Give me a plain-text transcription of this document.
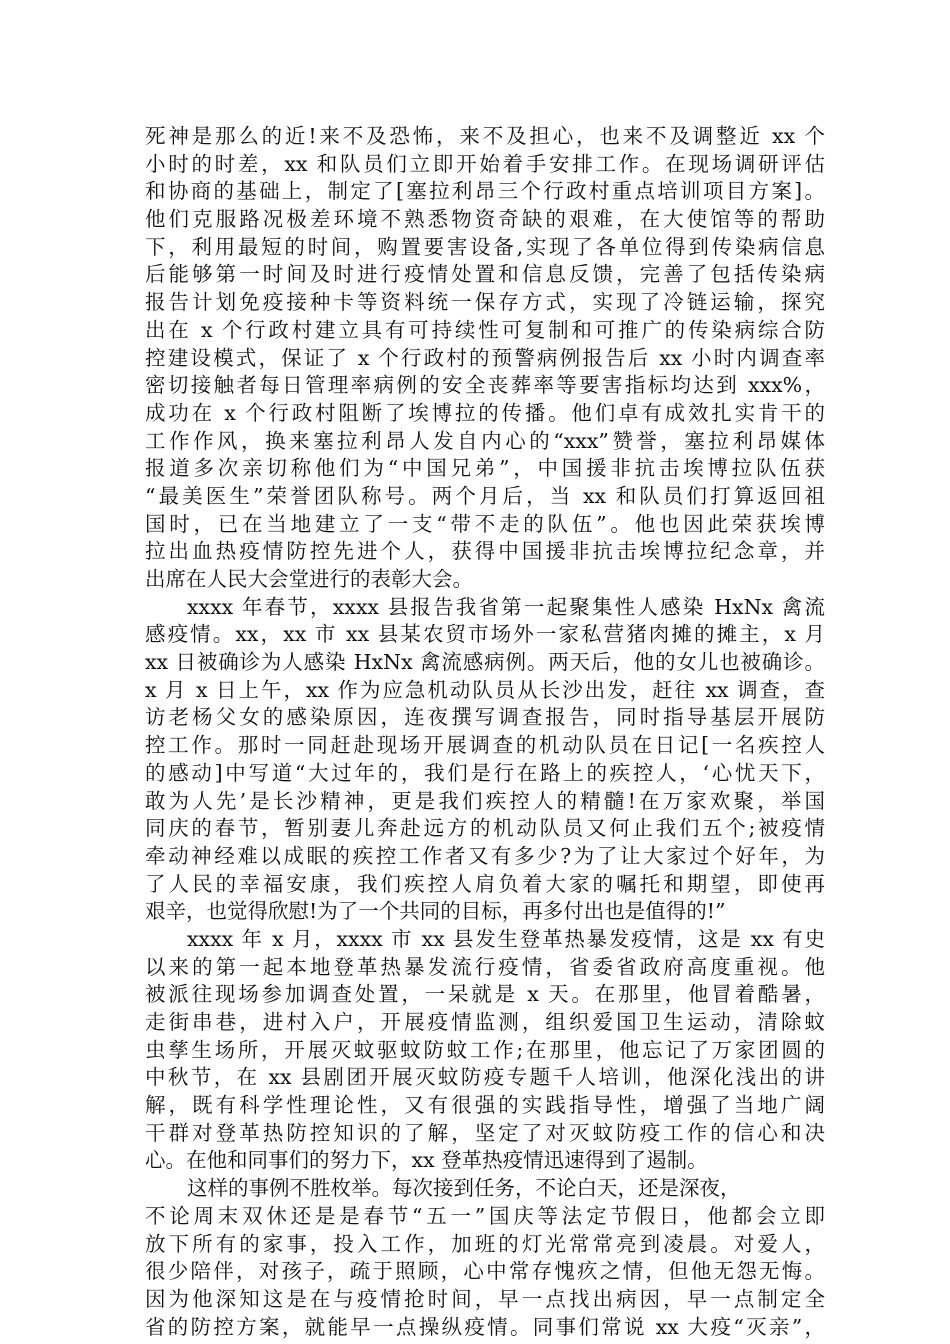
死神是那么的近!来不及恐怖，来不及担心，也来不及调整近 xx 个
小时的时差，xx 和队员们立即开始着手安排工作。在现场调研评估
和协商的基础上，制定了[塞拉利昂三个行政村重点培训项目方案]。
他们克服路况极差环境不熟悉物资奇缺的艰难，在大使馆等的帮助
下，利用最短的时间，购置要害设备,实现了各单位得到传染病信息
后能够第一时间及时进行疫情处置和信息反馈，完善了包括传染病
报告计划免疫接种卡等资料统一保存方式，实现了冷链运输，探究
出在 x 个行政村建立具有可持续性可复制和可推广的传染病综合防
控建设模式，保证了 x 个行政村的预警病例报告后 xx 小时内调查率
密切接触者每日管理率病例的安全丧葬率等要害指标均达到 xxx%，
成功在 x 个行政村阻断了埃博拉的传播。他们卓有成效扎实肯干的
工作作风，换来塞拉利昂人发自内心的“xxx”赞誉，塞拉利昂媒体
报道多次亲切称他们为“中国兄弟”，中国援非抗击埃博拉队伍获
“最美医生”荣誉团队称号。两个月后，当 xx 和队员们打算返回祖
国时，已在当地建立了一支“带不走的队伍”。他也因此荣获埃博
拉出血热疫情防控先进个人，获得中国援非抗击埃博拉纪念章，并
出席在人民大会堂进行的表彰大会。
xxxx 年春节，xxxx 县报告我省第一起聚集性人感染 HxNx 禽流
感疫情。xx，xx 市 xx 县某农贸市场外一家私营猪肉摊的摊主，x 月
xx 日被确诊为人感染 HxNx 禽流感病例。两天后，他的女儿也被确诊。
x 月 x 日上午，xx 作为应急机动队员从长沙出发，赶往 xx 调查，查
访老杨父女的感染原因，连夜撰写调查报告，同时指导基层开展防
控工作。那时一同赶赴现场开展调查的机动队员在日记[一名疾控人
的感动]中写道“大过年的，我们是行在路上的疾控人，‘心忧天下，
敢为人先’是长沙精神，更是我们疾控人的精髓!在万家欢聚，举国
同庆的春节，暂别妻儿奔赴远方的机动队员又何止我们五个;被疫情
牵动神经难以成眠的疾控工作者又有多少?为了让大家过个好年，为
了人民的幸福安康，我们疾控人肩负着大家的嘱托和期望，即使再
艰辛，也觉得欣慰!为了一个共同的目标，再多付出也是值得的!”
xxxx 年 x 月，xxxx 市 xx 县发生登革热暴发疫情，这是 xx 有史
以来的第一起本地登革热暴发流行疫情，省委省政府高度重视。他
被派往现场参加调查处置，一呆就是 x 天。在那里，他冒着酷暑，
走街串巷，进村入户，开展疫情监测，组织爱国卫生运动，清除蚊
虫孳生场所，开展灭蚊驱蚊防蚊工作;在那里，他忘记了万家团圆的
中秋节，在 xx 县剧团开展灭蚊防疫专题千人培训，他深化浅出的讲
解，既有科学性理论性，又有很强的实践指导性，增强了当地广阔
干群对登革热防控知识的了解，坚定了对灭蚊防疫工作的信心和决
心。在他和同事们的努力下，xx 登革热疫情迅速得到了遏制。
这样的事例不胜枚举。每次接到任务，不论白天，还是深夜，
不论周末双休还是是春节“五一”国庆等法定节假日，他都会立即
放下所有的家事，投入工作，加班的灯光常常亮到凌晨。对爱人，
很少陪伴，对孩子，疏于照顾，心中常存愧疚之情，但他无怨无悔。
因为他深知这是在与疫情抢时间，早一点找出病因，早一点制定全
省的防控方案，就能早一点操纵疫情。同事们常说 xx 大疫“灭亲”，
